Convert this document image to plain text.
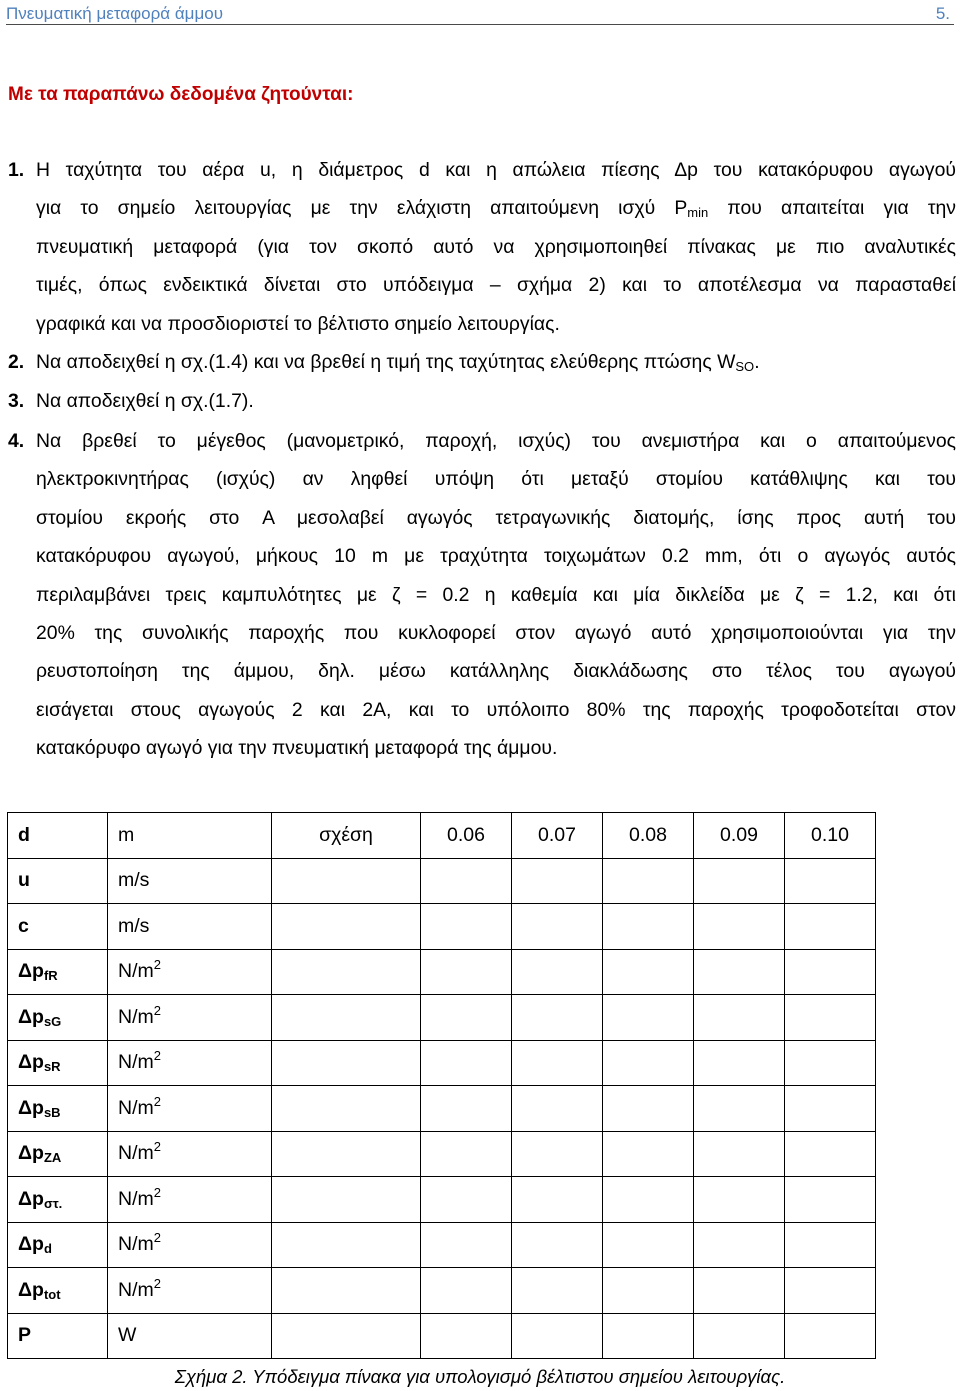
Πνευματική μεταφορά άμμου	5.
Με τα παραπάνω δεδομένα ζητούνται:
1. Η ταχύτητα του αέρα u, η διάμετρος d και η απώλεια πίεσης Δp του κατακόρυφου αγωγού
για το σημείο λειτουργίας με την ελάχιστη απαιτούμενη ισχύ $P_{min}$ που απαιτείται για την
πνευματική μεταφορά (για τον σκοπό αυτό να χρησιμοποιηθεί πίνακας με πιο αναλυτικές
τιμές, όπως ενδεικτικά δίνεται στο υπόδειγμα – σχήμα 2) και το αποτέλεσμα να παρασταθεί
γραφικά και να προσδιοριστεί το βέλτιστο σημείο λειτουργίας.
2. Να αποδειχθεί η σχ.(1.4) και να βρεθεί η τιμή της ταχύτητας ελεύθερης πτώσης $W_{SO}$.
3. Να αποδειχθεί η σχ.(1.7).
4. Να βρεθεί το μέγεθος (μανομετρικό, παροχή, ισχύς) του ανεμιστήρα και ο απαιτούμενος
ηλεκτροκινητήρας (ισχύς) αν ληφθεί υπόψη ότι μεταξύ στομίου κατάθλιψης και του
στομίου εκροής στο A μεσολαβεί αγωγός τετραγωνικής διατομής, ίσης προς αυτή του
κατακόρυφου αγωγού, μήκους 10 m με τραχύτητα τοιχωμάτων 0.2 mm, ότι ο αγωγός αυτός
περιλαμβάνει τρεις καμπυλότητες με ζ = 0.2 η καθεμία και μία δικλείδα με ζ = 1.2, και ότι
20% της συνολικής παροχής που κυκλοφορεί στον αγωγό αυτό χρησιμοποιούνται για την
ρευστοποίηση της άμμου, δηλ. μέσω κατάλληλης διακλάδωσης στο τέλος του αγωγού
εισάγεται στους αγωγούς 2 και 2A, και το υπόλοιπο 80% της παροχής τροφοδοτείται στον
κατακόρυφο αγωγό για την πνευματική μεταφορά της άμμου.
d	m	σχέση	0.06	0.07	0.08	0.09	0.10
u	m/s						
c	m/s						
$\Delta p_{fR}$	$N/m^2$						
$\Delta p_{sG}$	$N/m^2$						
$\Delta p_{sR}$	$N/m^2$						
$\Delta p_{sB}$	$N/m^2$						
$\Delta p_{ZA}$	$N/m^2$						
$\Delta p_{\sigma\tau.}$	$N/m^2$						
$\Delta p_d$	$N/m^2$						
$\Delta p_{tot}$	$N/m^2$						
P	W						
Σχήμα 2. Υπόδειγμα πίνακα για υπολογισμό βέλτιστου σημείου λειτουργίας.
